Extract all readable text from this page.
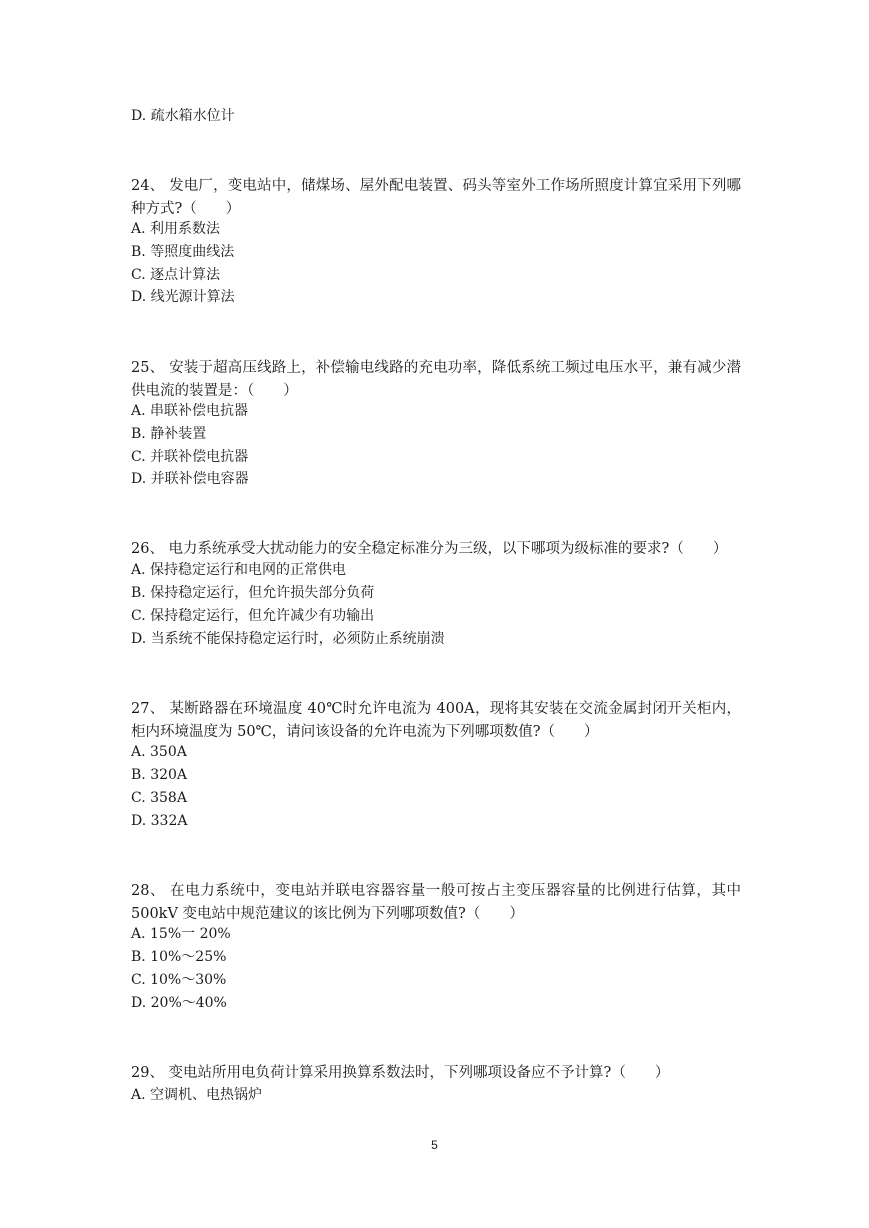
D. 疏水箱水位计
24、 发电厂，变电站中，储煤场、屋外配电装置、码头等室外工作场所照度计算宜采用下列哪种方式?（　　）
A. 利用系数法
B. 等照度曲线法
C. 逐点计算法
D. 线光源计算法
25、 安装于超高压线路上，补偿输电线路的充电功率，降低系统工频过电压水平，兼有减少潜供电流的装置是：（　　）
A. 串联补偿电抗器
B. 静补装置
C. 并联补偿电抗器
D. 并联补偿电容器
26、 电力系统承受大扰动能力的安全稳定标准分为三级，以下哪项为级标准的要求?（　　）
A. 保持稳定运行和电网的正常供电
B. 保持稳定运行，但允许损失部分负荷
C. 保持稳定运行，但允许减少有功输出
D. 当系统不能保持稳定运行时，必须防止系统崩溃
27、 某断路器在环境温度 40℃时允许电流为 400A，现将其安装在交流金属封闭开关柜内，柜内环境温度为 50℃，请问该设备的允许电流为下列哪项数值?（　　）
A. 350A
B. 320A
C. 358A
D. 332A
28、 在电力系统中，变电站并联电容器容量一般可按占主变压器容量的比例进行估算，其中 500kV 变电站中规范建议的该比例为下列哪项数值?（　　）
A. 15%一 20%
B. 10%～25%
C. 10%～30%
D. 20%～40%
29、 变电站所用电负荷计算采用换算系数法时，下列哪项设备应不予计算?（　　）
A. 空调机、电热锅炉
5
